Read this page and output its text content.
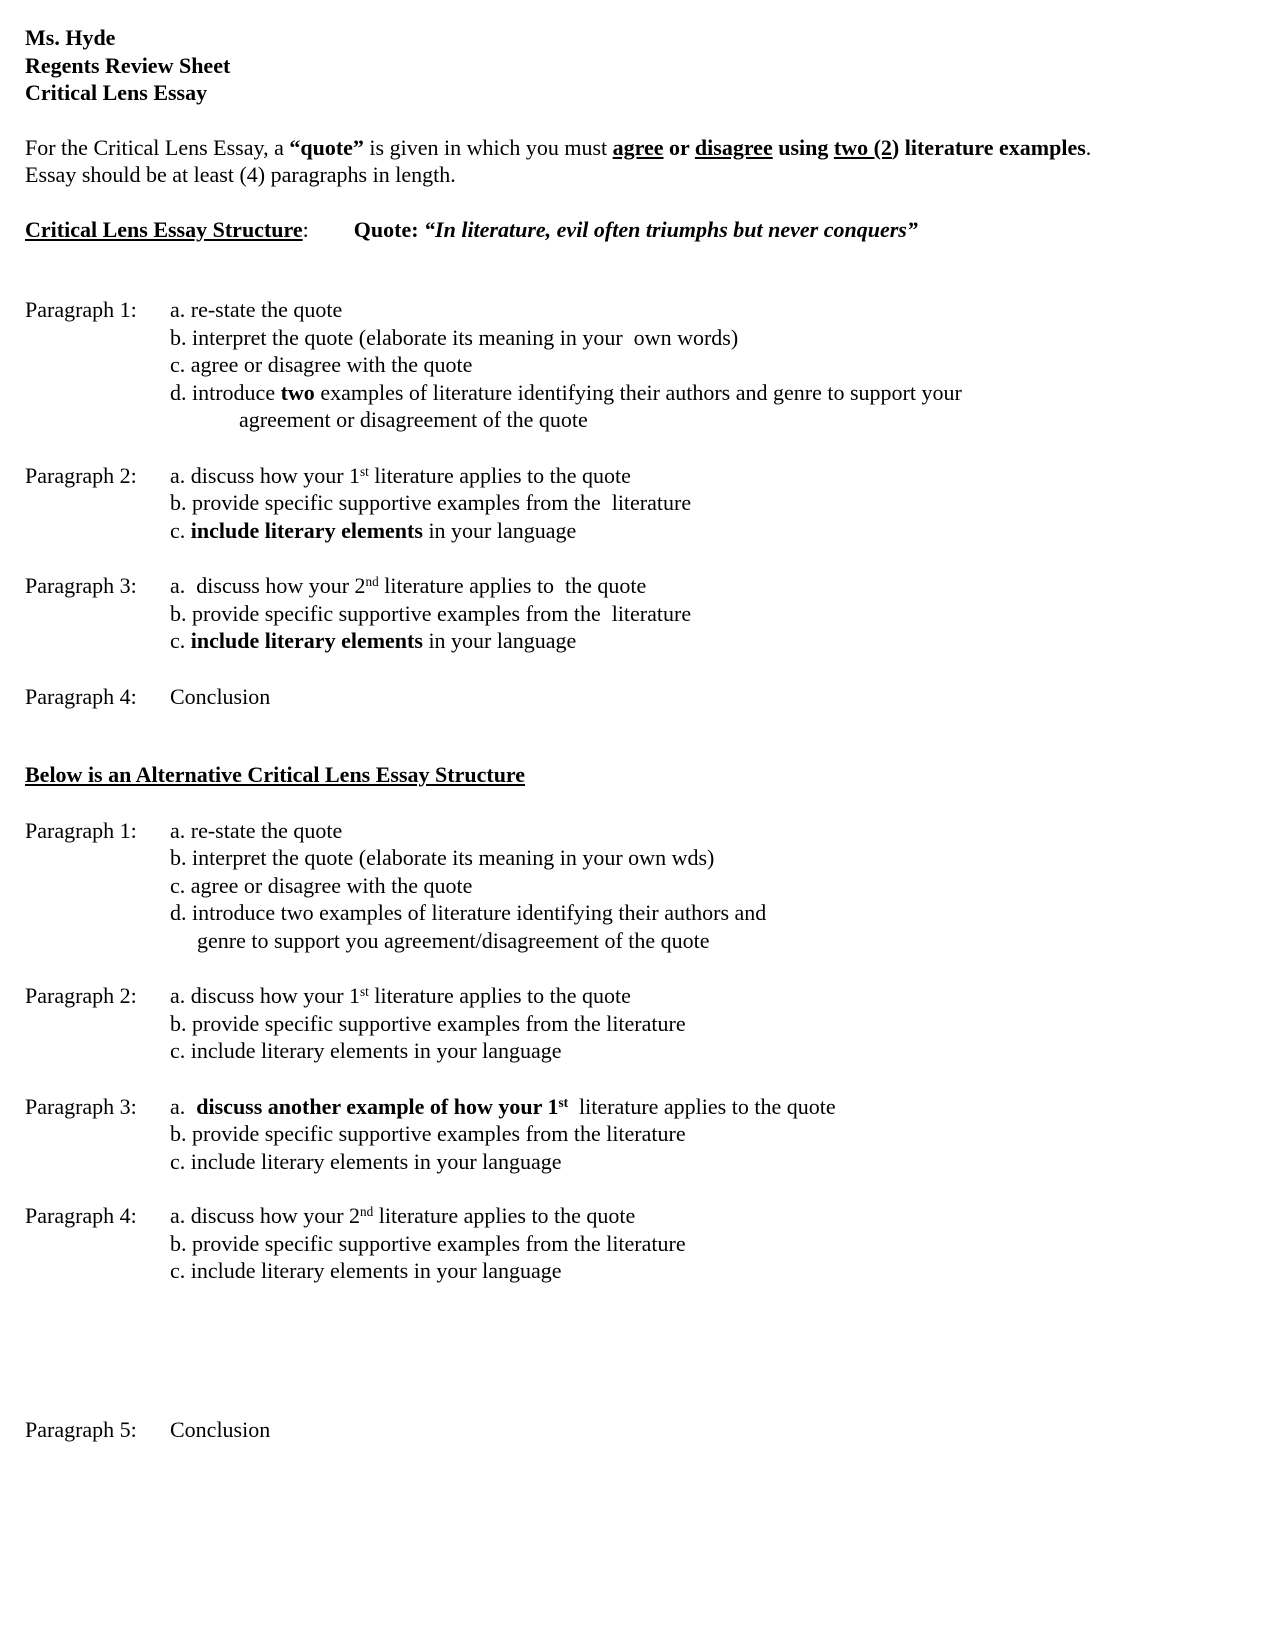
Ms. Hyde
Regents Review Sheet
Critical Lens Essay
For the Critical Lens Essay, a “quote” is given in which you must agree or disagree using two (2) literature examples.
Essay should be at least (4) paragraphs in length.
Critical Lens Essay Structure: Quote: “In literature, evil often triumphs but never conquers”
Paragraph 1:	a. re-state the quote
b. interpret the quote (elaborate its meaning in your  own words)
c. agree or disagree with the quote
d. introduce two examples of literature identifying their authors and genre to support your
agreement or disagreement of the quote
Paragraph 2:	a. discuss how your 1st literature applies to the quote
b. provide specific supportive examples from the  literature
c. include literary elements in your language
Paragraph 3:	a.  discuss how your 2nd literature applies to  the quote
b. provide specific supportive examples from the  literature
c. include literary elements in your language
Paragraph 4:	Conclusion
Below is an Alternative Critical Lens Essay Structure
Paragraph 1:	a. re-state the quote
b. interpret the quote (elaborate its meaning in your own wds)
c. agree or disagree with the quote
d. introduce two examples of literature identifying their authors and
genre to support you agreement/disagreement of the quote
Paragraph 2:	a. discuss how your 1st literature applies to the quote
b. provide specific supportive examples from the literature
c. include literary elements in your language
Paragraph 3:	a.  discuss another example of how your 1st  literature applies to the quote
b. provide specific supportive examples from the literature
c. include literary elements in your language
Paragraph 4:	a. discuss how your 2nd literature applies to the quote
b. provide specific supportive examples from the literature
c. include literary elements in your language
Paragraph 5:	Conclusion
